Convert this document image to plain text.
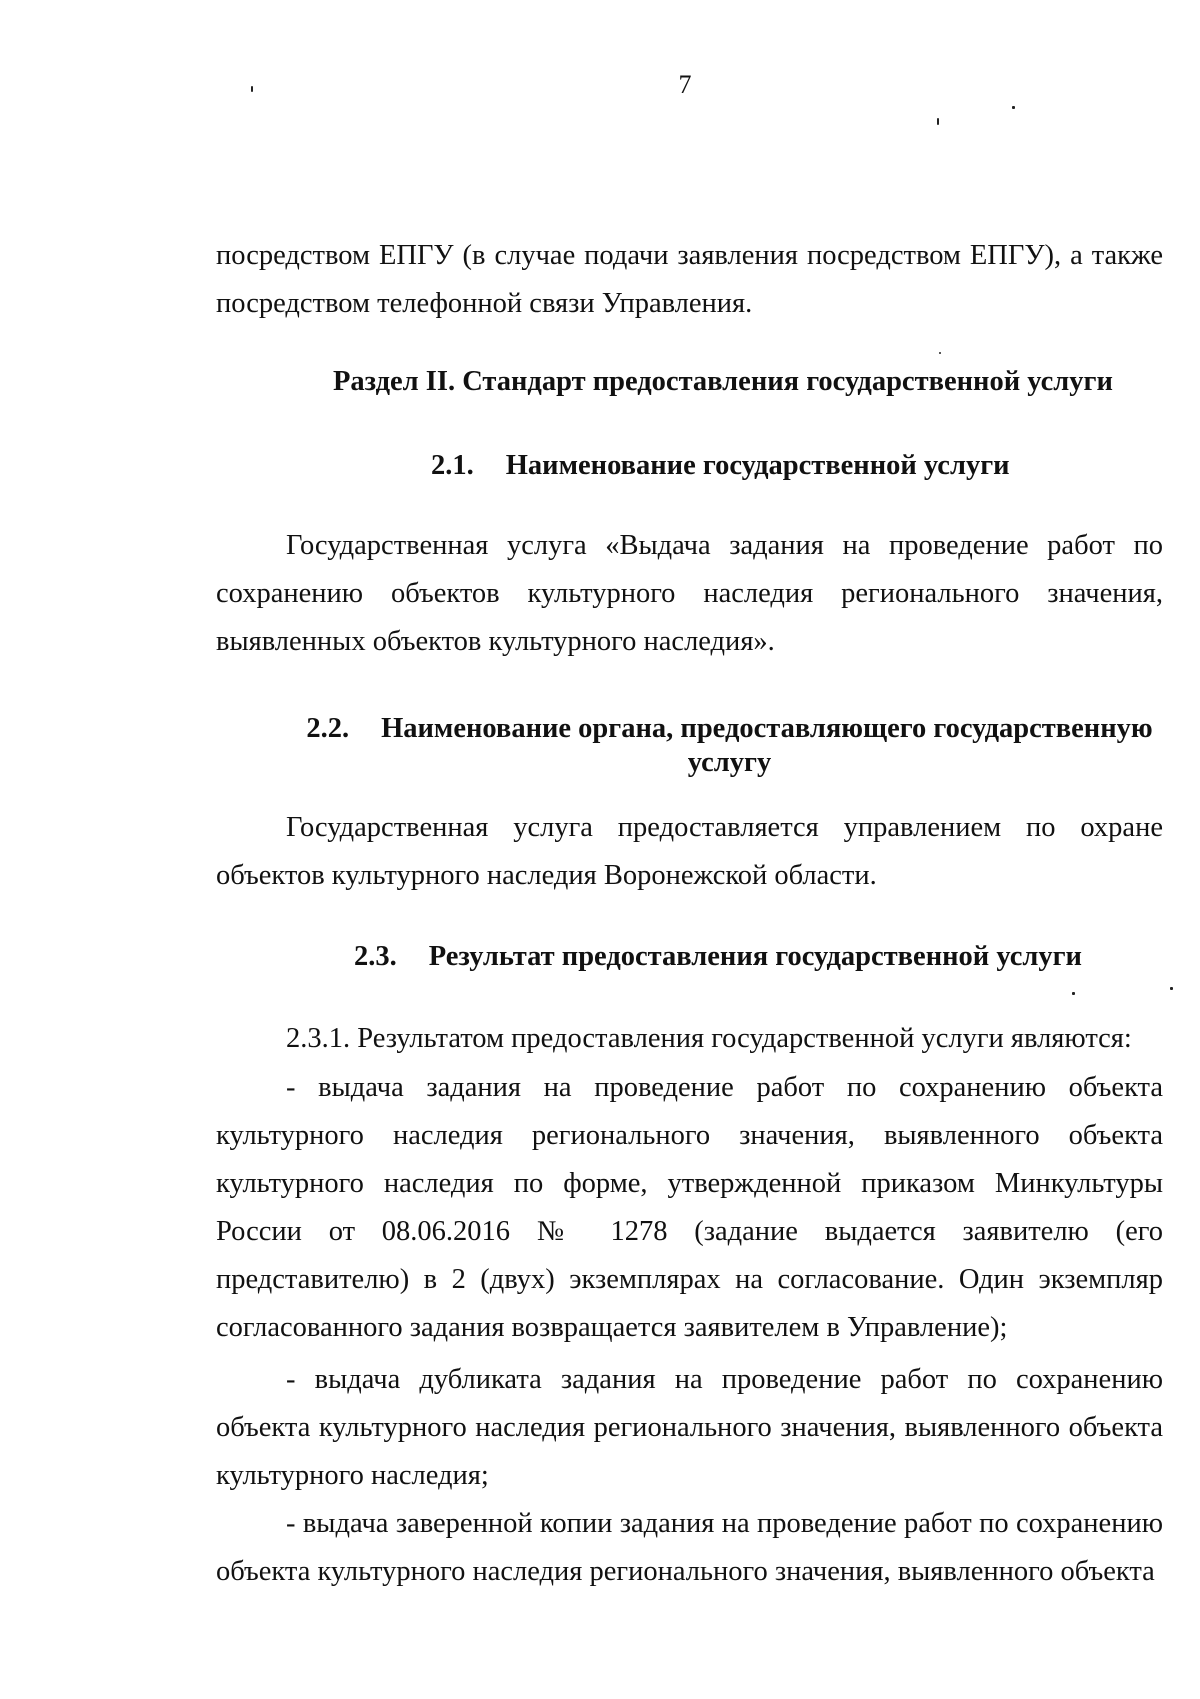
7

посредством ЕПГУ (в случае подачи заявления посредством ЕПГУ), а также посредством телефонной связи Управления.

Раздел II. Стандарт предоставления государственной услуги
2.1. Наименование государственной услуги

Государственная услуга «Выдача задания на проведение работ по сохранению объектов культурного наследия регионального значения, выявленных объектов культурного наследия».

2.2. Наименование органа, предоставляющего государственную услугу

Государственная услуга предоставляется управлением по охране объектов культурного наследия Воронежской области.

2.3. Результат предоставления государственной услуги

2.3.1. Результатом предоставления государственной услуги являются:

- выдача задания на проведение работ по сохранению объекта культурного наследия регионального значения, выявленного объекта культурного наследия по форме, утвержденной приказом Минкультуры России от 08.06.2016 № 1278 (задание выдается заявителю (его представителю) в 2 (двух) экземплярах на согласование. Один экземпляр согласованного задания возвращается заявителем в Управление);

- выдача дубликата задания на проведение работ по сохранению объекта культурного наследия регионального значения, выявленного объекта культурного наследия;

- выдача заверенной копии задания на проведение работ по сохранению объекта культурного наследия регионального значения, выявленного объекта
